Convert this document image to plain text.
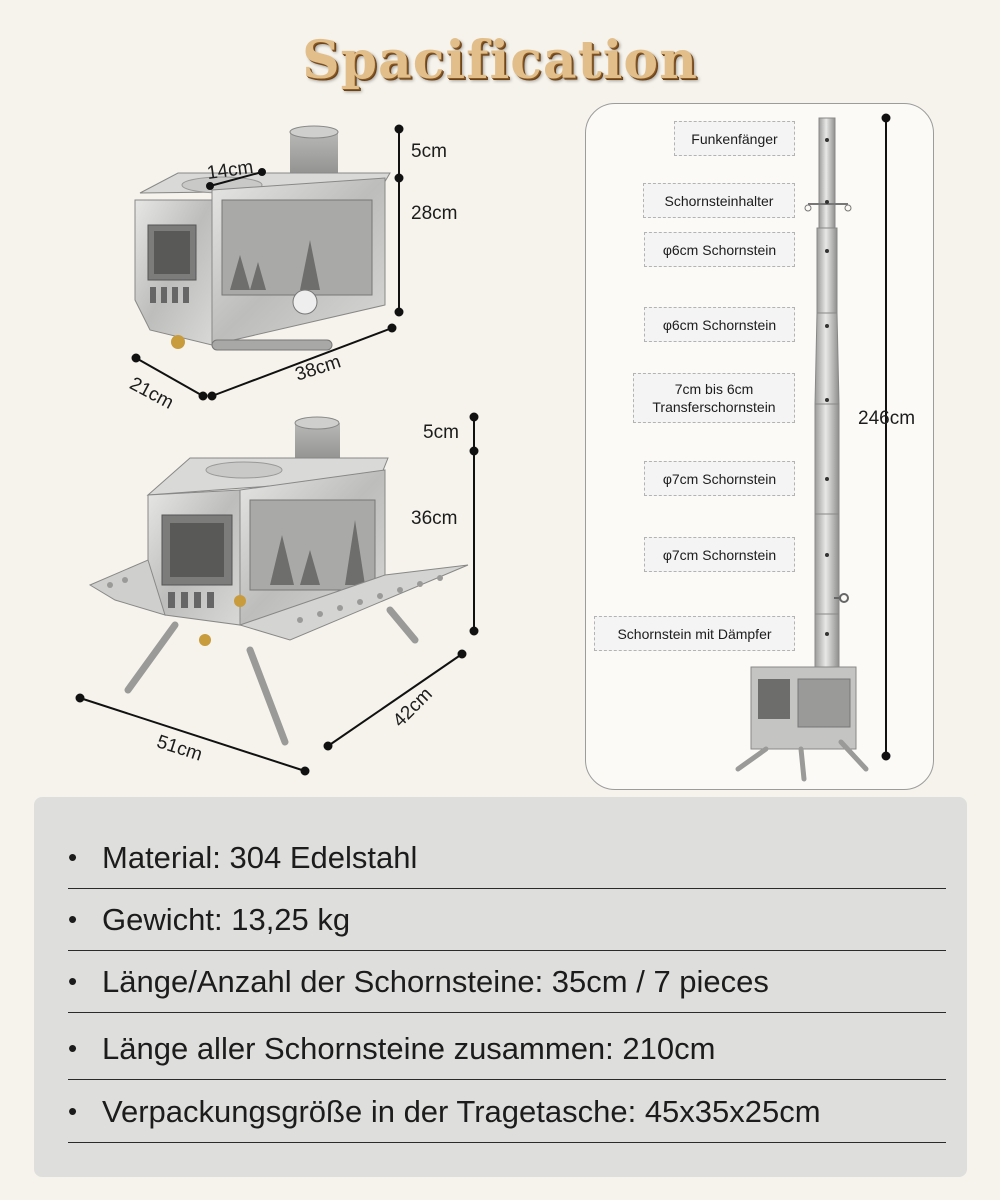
Spacification
5cm
14cm
28cm
38cm
21cm
5cm
36cm
51cm
42cm
Funkenfänger
Schornsteinhalter
φ6cm Schornstein
φ6cm Schornstein
7cm bis 6cm
Transferschornstein
φ7cm Schornstein
φ7cm Schornstein
Schornstein mit Dämpfer
246cm
• Material: 304 Edelstahl
• Gewicht: 13,25 kg
• Länge/Anzahl der Schornsteine: 35cm / 7 pieces
• Länge aller Schornsteine zusammen: 210cm
• Verpackungsgröße in der Tragetasche: 45x35x25cm
